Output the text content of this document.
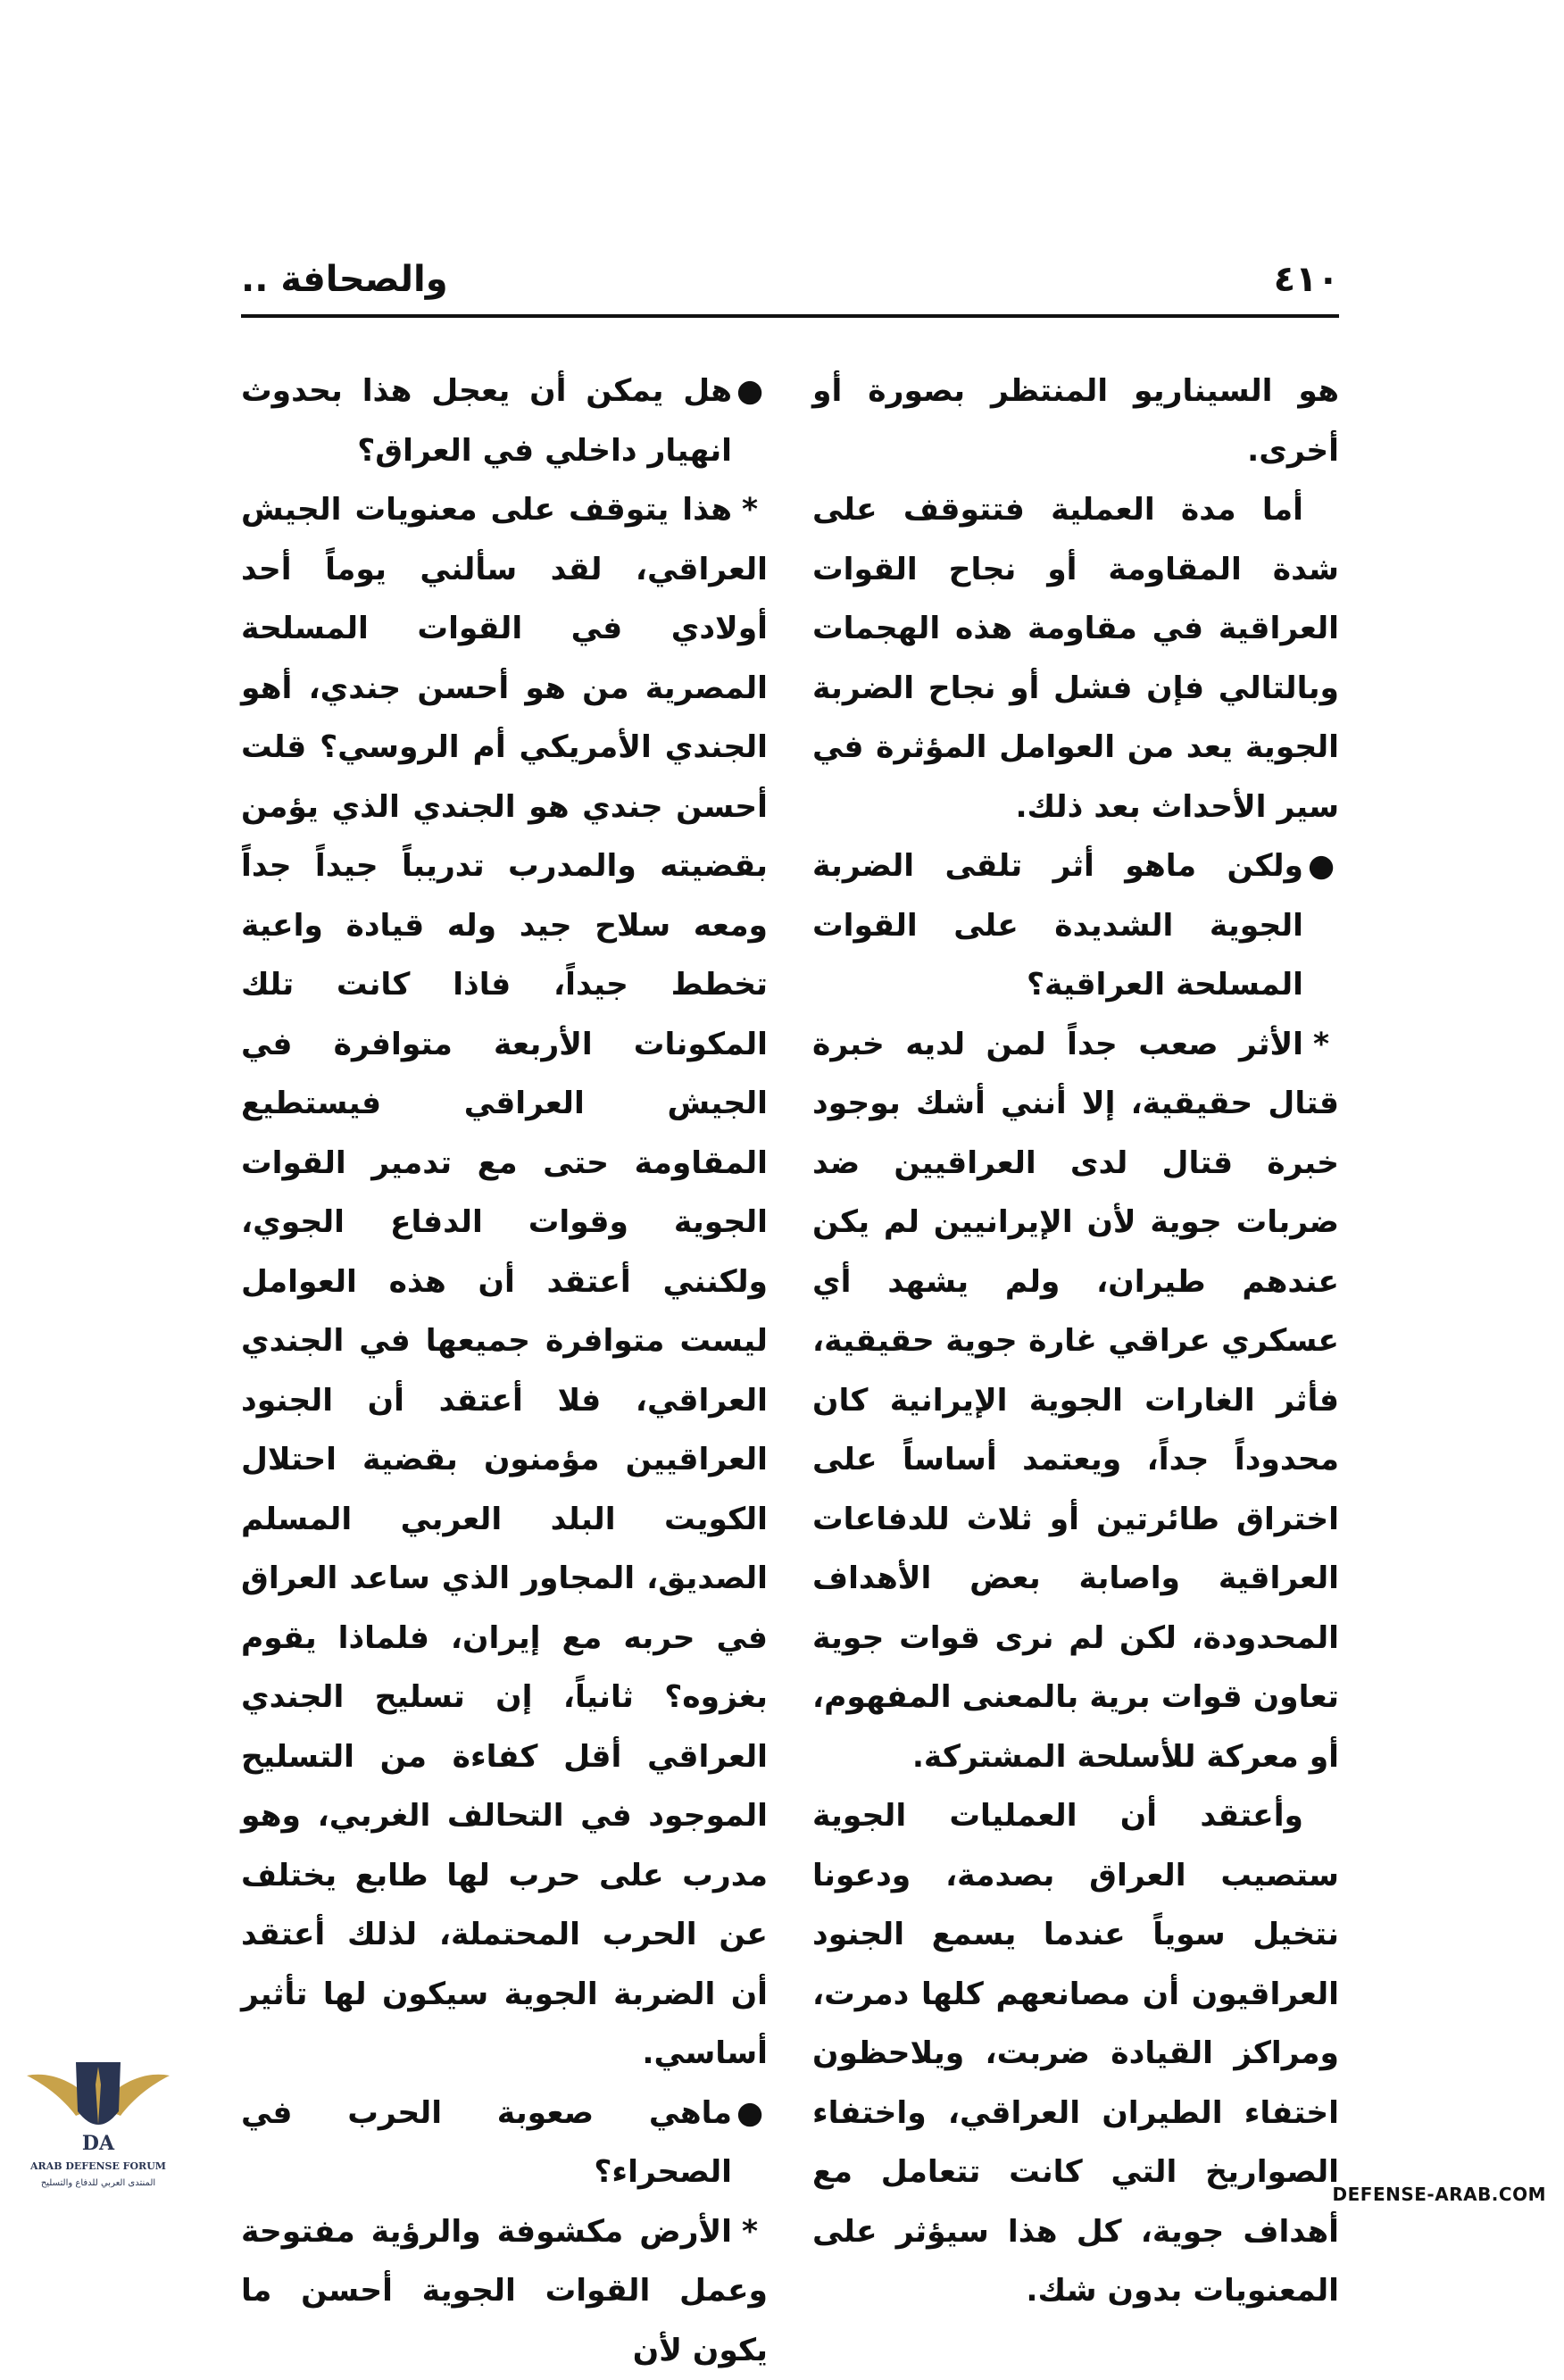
.. والصحافة	٤١٠

هو السيناريو المنتظر بصورة أو أخرى.

أما مدة العملية فتتوقف على شدة المقاومة أو نجاح القوات العراقية في مقاومة هذه الهجمات وبالتالي فإن فشل أو نجاح الضربة الجوية يعد من العوامل المؤثرة في سير الأحداث بعد ذلك.

●ولكن ماهو أثر تلقى الضربة الجوية الشديدة على القوات المسلحة العراقية؟

*الأثر صعب جداً لمن لديه خبرة قتال حقيقية، إلا أنني أشك بوجود خبرة قتال لدى العراقيين ضد ضربات جوية لأن الإيرانيين لم يكن عندهم طيران، ولم يشهد أي عسكري عراقي غارة جوية حقيقية، فأثر الغارات الجوية الإيرانية كان محدوداً جداً، ويعتمد أساساً على اختراق طائرتين أو ثلاث للدفاعات العراقية واصابة بعض الأهداف المحدودة، لكن لم نرى قوات جوية تعاون قوات برية بالمعنى المفهوم، أو معركة للأسلحة المشتركة.

وأعتقد أن العمليات الجوية ستصيب العراق بصدمة، ودعونا نتخيل سوياً عندما يسمع الجنود العراقيون أن مصانعهم كلها دمرت، ومراكز القيادة ضربت، ويلاحظون اختفاء الطيران العراقي، واختفاء الصواريخ التي كانت تتعامل مع أهداف جوية، كل هذا سيؤثر على المعنويات بدون شك.

●هل يمكن أن يعجل هذا بحدوث انهيار داخلي في العراق؟

*هذا يتوقف على معنويات الجيش العراقي، لقد سألني يوماً أحد أولادي في القوات المسلحة المصرية من هو أحسن جندي، أهو الجندي الأمريكي أم الروسي؟ قلت أحسن جندي هو الجندي الذي يؤمن بقضيته والمدرب تدريباً جيداً جداً ومعه سلاح جيد وله قيادة واعية تخطط جيداً، فاذا كانت تلك المكونات الأربعة متوافرة في الجيش العراقي فيستطيع المقاومة حتى مع تدمير القوات الجوية وقوات الدفاع الجوي، ولكنني أعتقد أن هذه العوامل ليست متوافرة جميعها في الجندي العراقي، فلا أعتقد أن الجنود العراقيين مؤمنون بقضية احتلال الكويت البلد العربي المسلم الصديق، المجاور الذي ساعد العراق في حربه مع إيران، فلماذا يقوم بغزوه؟ ثانياً، إن تسليح الجندي العراقي أقل كفاءة من التسليح الموجود في التحالف الغربي، وهو مدرب على حرب لها طابع يختلف عن الحرب المحتملة، لذلك أعتقد أن الضربة الجوية سيكون لها تأثير أساسي.

●ماهي صعوبة الحرب في الصحراء؟

*الأرض مكشوفة والرؤية مفتوحة وعمل القوات الجوية أحسن ما يكون لأن

DA
ARAB DEFENSE FORUM
المنتدى العربي للدفاع والتسليح
DEFENSE-ARAB.COM
